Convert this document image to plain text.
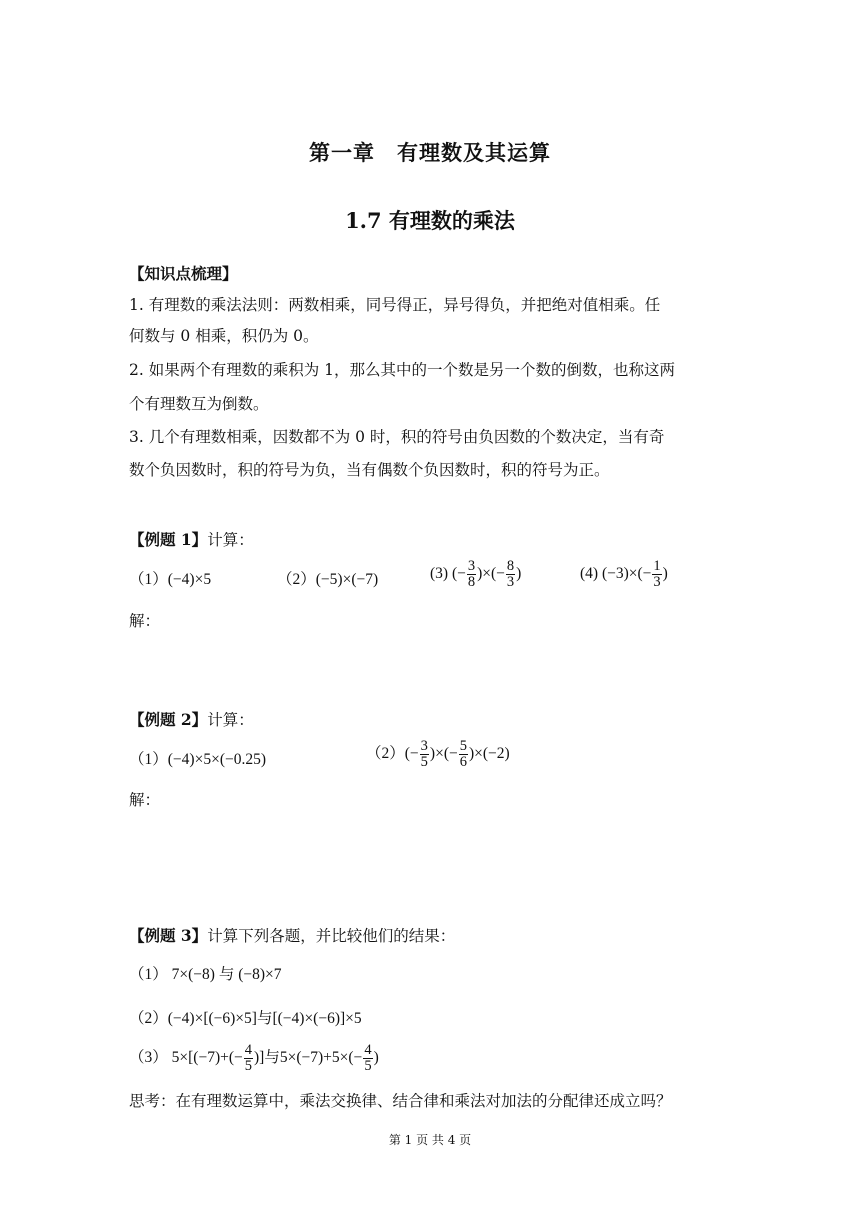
第一章　有理数及其运算
1.7 有理数的乘法
【知识点梳理】
1. 有理数的乘法法则：两数相乘，同号得正，异号得负，并把绝对值相乘。任
何数与 0 相乘，积仍为 0。
2. 如果两个有理数的乘积为 1，那么其中的一个数是另一个数的倒数，也称这两
个有理数互为倒数。
3. 几个有理数相乘，因数都不为 0 时，积的符号由负因数的个数决定，当有奇
数个负因数时，积的符号为负，当有偶数个负因数时，积的符号为正。
【例题 1】计算：
（1）(−4)×5	（2）(−5)×(−7)	(3) (− $\frac{3}{8}$ )×(− $\frac{8}{3}$ )	(4) $(-3)\times(- \frac{1}{3}$ )
解：
【例题 2】计算：
（1）(−4)×5×(−0.25)	$(2)(- \frac{3}{5}$ )×(− $\frac{5}{6} )\times(-2)$
解：
【例题 3】计算下列各题，并比较他们的结果：
（1） 7×(−8) 与 (−8)×7
（2）(−4)×[(−6)×5]与[(−4)×(−6)]×5
（3） $5\times[(-7)+(- \frac{4}{5}$ )]与$5\times(-7)+5\times(- \frac{4}{5}$ )
思考：在有理数运算中，乘法交换律、结合律和乘法对加法的分配律还成立吗？
第 1 页 共 4 页
